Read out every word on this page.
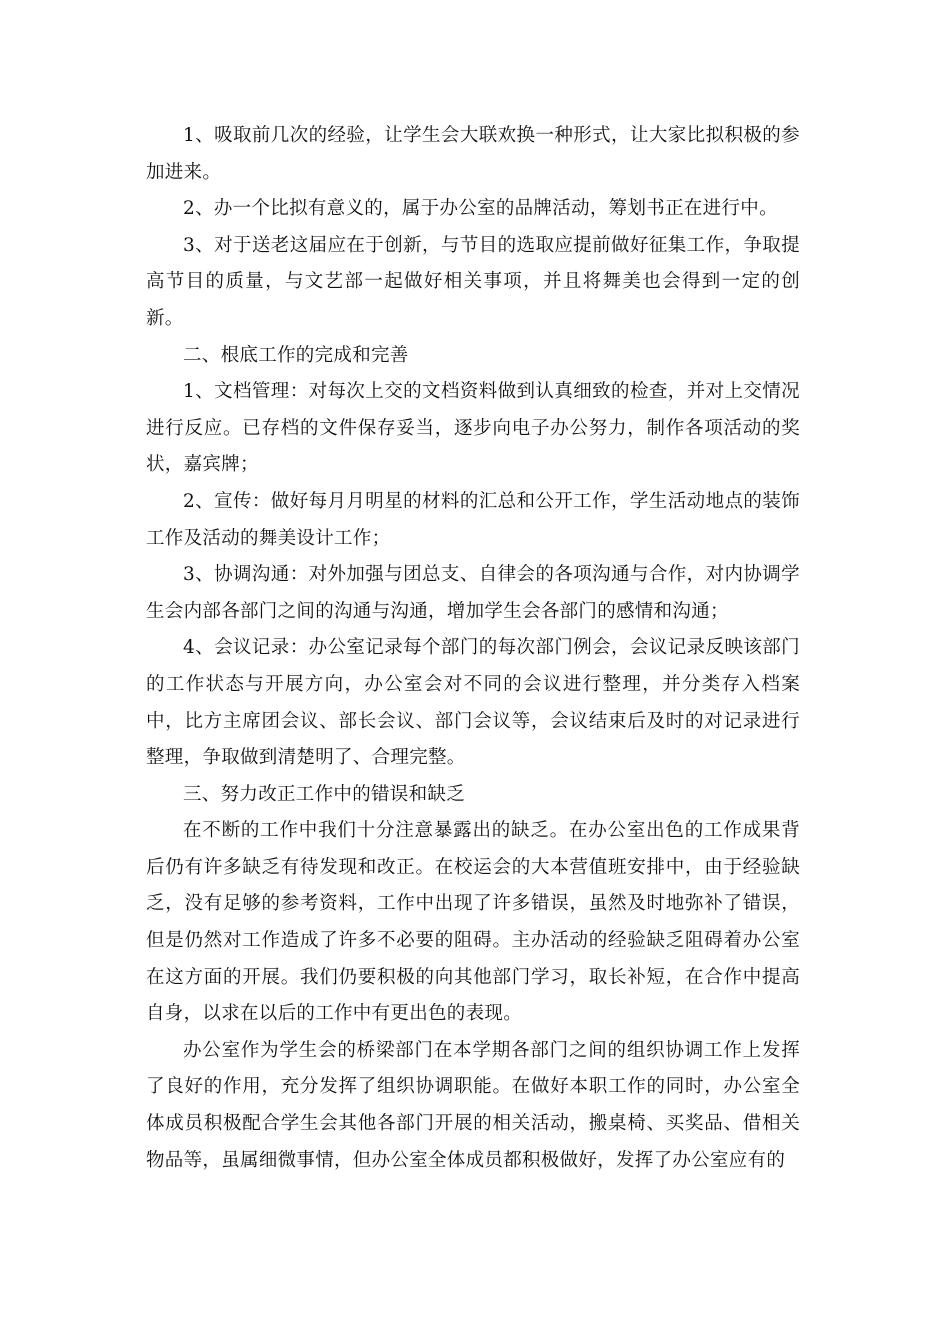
1、吸取前几次的经验，让学生会大联欢换一种形式，让大家比拟积极的参加进来。

2、办一个比拟有意义的，属于办公室的品牌活动，筹划书正在进行中。

3、对于送老这届应在于创新，与节目的选取应提前做好征集工作，争取提高节目的质量，与文艺部一起做好相关事项，并且将舞美也会得到一定的创新。

二、根底工作的完成和完善

1、文档管理：对每次上交的文档资料做到认真细致的检查，并对上交情况进行反应。已存档的文件保存妥当，逐步向电子办公努力，制作各项活动的奖状，嘉宾牌；

2、宣传：做好每月月明星的材料的汇总和公开工作，学生活动地点的装饰工作及活动的舞美设计工作；

3、协调沟通：对外加强与团总支、自律会的各项沟通与合作，对内协调学生会内部各部门之间的沟通与沟通，增加学生会各部门的感情和沟通；

4、会议记录：办公室记录每个部门的每次部门例会，会议记录反映该部门的工作状态与开展方向，办公室会对不同的会议进行整理，并分类存入档案中，比方主席团会议、部长会议、部门会议等，会议结束后及时的对记录进行整理，争取做到清楚明了、合理完整。

三、努力改正工作中的错误和缺乏

在不断的工作中我们十分注意暴露出的缺乏。在办公室出色的工作成果背后仍有许多缺乏有待发现和改正。在校运会的大本营值班安排中，由于经验缺乏，没有足够的参考资料，工作中出现了许多错误，虽然及时地弥补了错误，但是仍然对工作造成了许多不必要的阻碍。主办活动的经验缺乏阻碍着办公室在这方面的开展。我们仍要积极的向其他部门学习，取长补短，在合作中提高自身，以求在以后的工作中有更出色的表现。

办公室作为学生会的桥梁部门在本学期各部门之间的组织协调工作上发挥了良好的作用，充分发挥了组织协调职能。在做好本职工作的同时，办公室全体成员积极配合学生会其他各部门开展的相关活动，搬桌椅、买奖品、借相关物品等，虽属细微事情，但办公室全体成员都积极做好，发挥了办公室应有的
